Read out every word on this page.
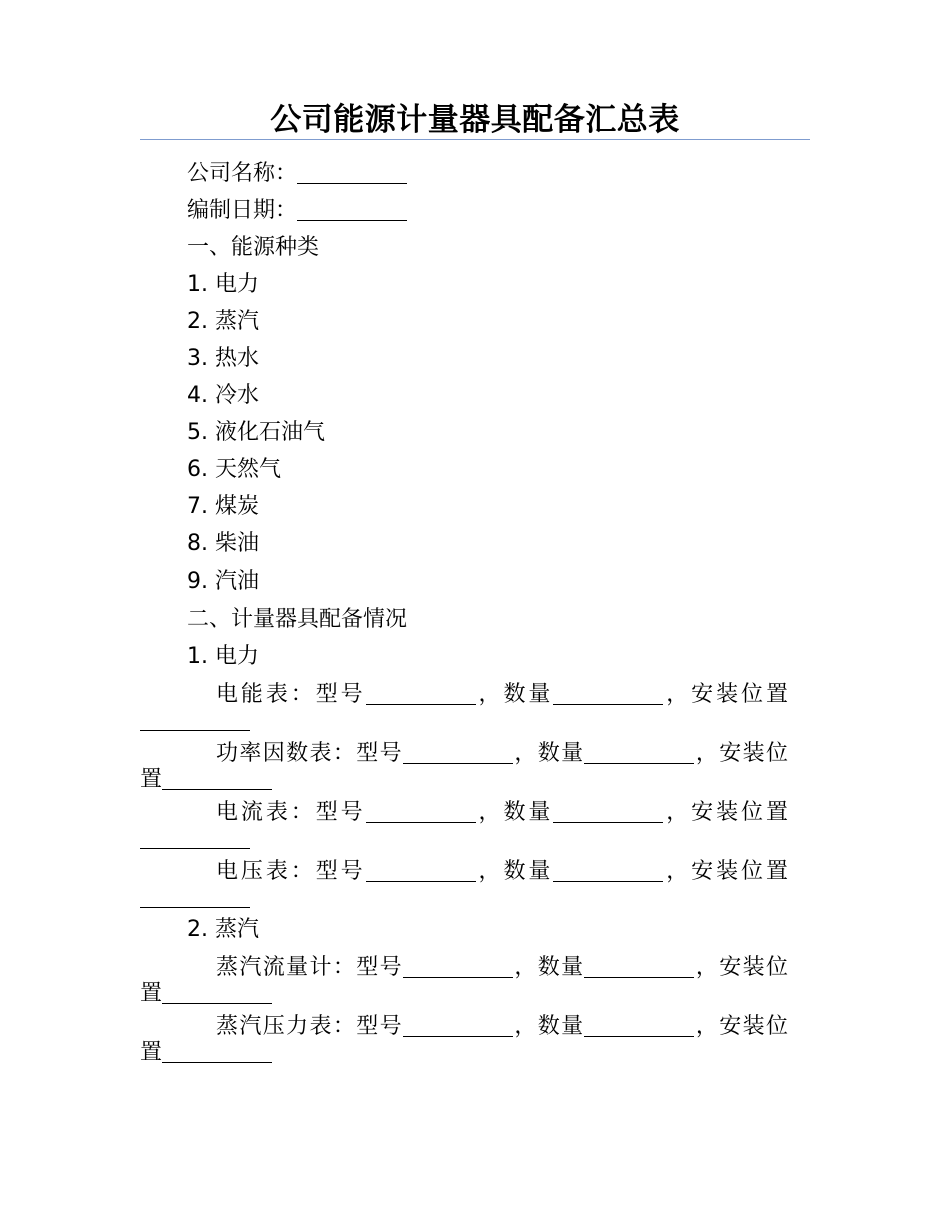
公司能源计量器具配备汇总表
公司名称：
编制日期：
一、能源种类
1. 电力
2. 蒸汽
3. 热水
4. 冷水
5. 液化石油气
6. 天然气
7. 煤炭
8. 柴油
9. 汽油
二、计量器具配备情况
1. 电力
电能表：型号	，数量	，安装位置
功率因数表：型号	，数量	，安装位置
电流表：型号	，数量	，安装位置
电压表：型号	，数量	，安装位置
2. 蒸汽
蒸汽流量计：型号	，数量	，安装位置
蒸汽压力表：型号	，数量	，安装位置
